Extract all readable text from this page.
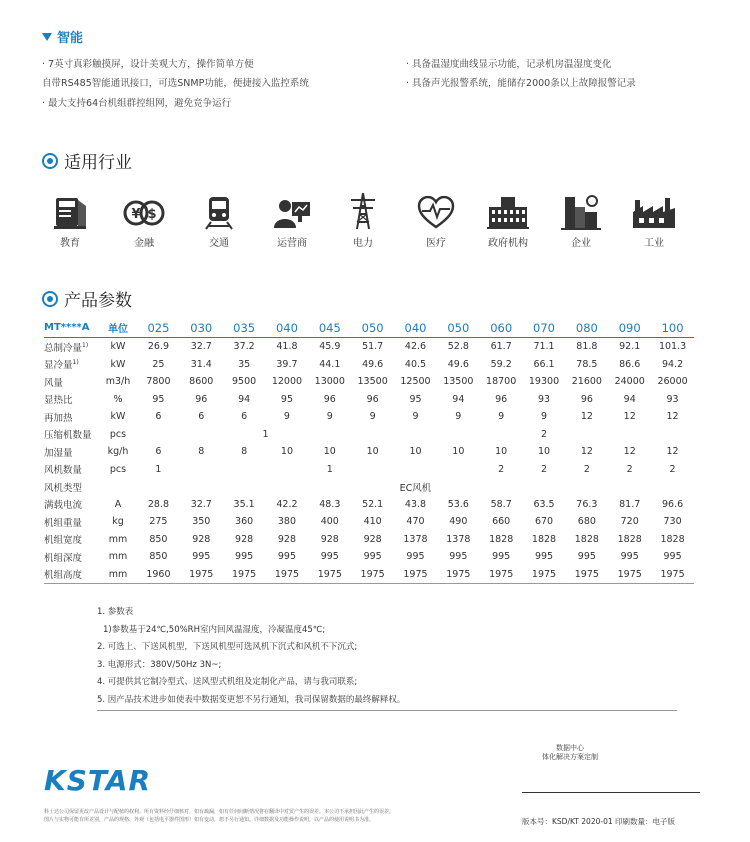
智能
· 7英寸真彩触摸屏，设计美观大方，操作简单方便
自带RS485智能通讯接口，可选SNMP功能，便捷接入监控系统
· 最大支持64台机组群控组网，避免竞争运行
· 具备温湿度曲线显示功能，记录机房温湿度变化
· 具备声光报警系统，能储存2000条以上故障报警记录
适用行业
教育
¥ $
金融	交通	运营商	电力	医疗	政府机构	企业	工业
产品参数
MT****A	单位	025	030	035	040	045	050	040	050	060	070	080	090	100
总制冷量$^{1)}$	kW	26.9	32.7	37.2	41.8	45.9	51.7	42.6	52.8	61.7	71.1	81.8	92.1	101.3
显冷量$^{1)}$	kW	25	31.4	35	39.7	44.1	49.6	40.5	49.6	59.2	66.1	78.5	86.6	94.2
风量	m3/h	7800	8600	9500	12000	13000	13500	12500	13500	18700	19300	21600	24000	26000
显热比	%	95	96	94	95	96	96	95	94	96	93	96	94	93
再加热	kW	6	6	6	9	9	9	9	9	9	9	12	12	12
压缩机数量	pcs	1						2						
加湿量	kg/h	6	8	8	10	10	10	10	10	10	10	12	12	12
风机数量	pcs	1	1							2	2	2	2	2
风机类型		EC风机												
满载电流	A	28.8	32.7	35.1	42.2	48.3	52.1	43.8	53.6	58.7	63.5	76.3	81.7	96.6
机组重量	kg	275	350	360	380	400	410	470	490	660	670	680	720	730
机组宽度	mm	850	928	928	928	928	928	1378	1378	1828	1828	1828	1828	1828
机组深度	mm	850	995	995	995	995	995	995	995	995	995	995	995	995
机组高度	mm	1960	1975	1975	1975	1975	1975	1975	1975	1975	1975	1975	1975	1975
1. 参数表
1)参数基于24℃,50%RH室内回风温湿度，冷凝温度45℃;
2. 可选上、下送风机型，下送风机型可选风机下沉式和风机不下沉式;
3. 电源形式：380V/50Hz 3N~;
4. 可提供其它制冷型式、送风型式机组及定制化产品，请与我司联系;
5. 因产品技术进步如使表中数据变更恕不另行通知，我司保留数据的最终解释权。
KSTAR
数据中心
体化解决方案定制
科士达公司保留更改产品设计与配植的权利。所有资料经仔细核对，如有疏漏，如有任何间断情况将在翻译中对贸产生的误差。本公司不承担因此产生的误差。
图片与实物可能有所差别，产品的规格、外观（包括电平器件图形）如有变动，恕不另行通知。详细数据及功能操作说明，以产品的使用说明书为准。	版本号：KSD/KT 2020-01 印刷数量：电子版
